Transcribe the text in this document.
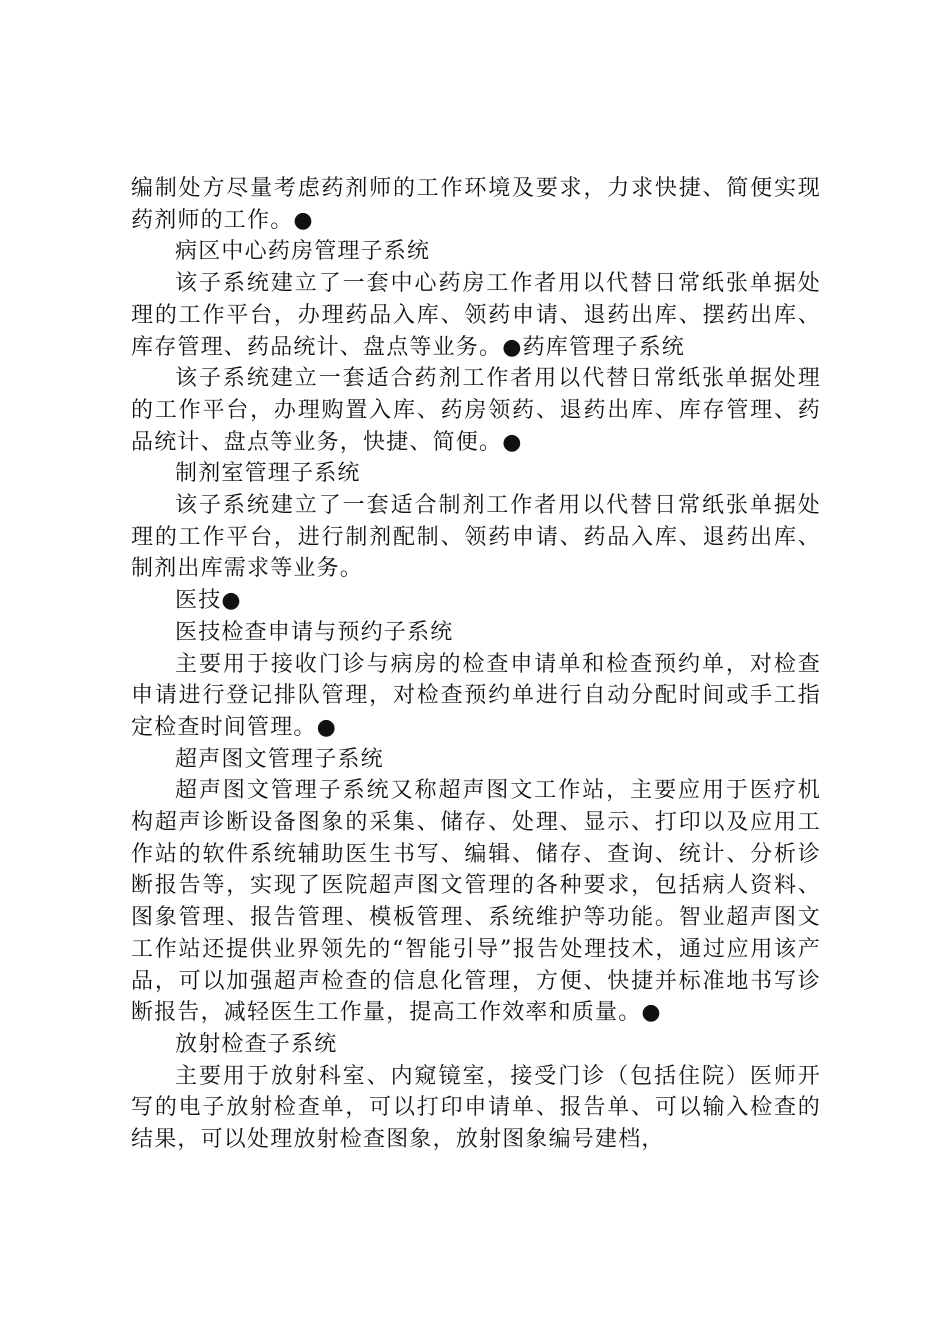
编制处方尽量考虑药剂师的工作环境及要求，力求快捷、简便实现药剂师的工作。●

病区中心药房管理子系统

该子系统建立了一套中心药房工作者用以代替日常纸张单据处理的工作平台，办理药品入库、领药申请、退药出库、摆药出库、库存管理、药品统计、盘点等业务。●药库管理子系统

该子系统建立一套适合药剂工作者用以代替日常纸张单据处理的工作平台，办理购置入库、药房领药、退药出库、库存管理、药品统计、盘点等业务，快捷、简便。●

制剂室管理子系统

该子系统建立了一套适合制剂工作者用以代替日常纸张单据处理的工作平台，进行制剂配制、领药申请、药品入库、退药出库、制剂出库需求等业务。

医技●

医技检查申请与预约子系统

主要用于接收门诊与病房的检查申请单和检查预约单，对检查申请进行登记排队管理，对检查预约单进行自动分配时间或手工指定检查时间管理。●

超声图文管理子系统

超声图文管理子系统又称超声图文工作站，主要应用于医疗机构超声诊断设备图象的采集、储存、处理、显示、打印以及应用工作站的软件系统辅助医生书写、编辑、储存、查询、统计、分析诊断报告等，实现了医院超声图文管理的各种要求，包括病人资料、图象管理、报告管理、模板管理、系统维护等功能。智业超声图文工作站还提供业界领先的“智能引导”报告处理技术，通过应用该产品，可以加强超声检查的信息化管理，方便、快捷并标准地书写诊断报告，减轻医生工作量，提高工作效率和质量。●

放射检查子系统

主要用于放射科室、内窥镜室，接受门诊（包括住院）医师开写的电子放射检查单，可以打印申请单、报告单、可以输入检查的结果，可以处理放射检查图象，放射图象编号建档，
